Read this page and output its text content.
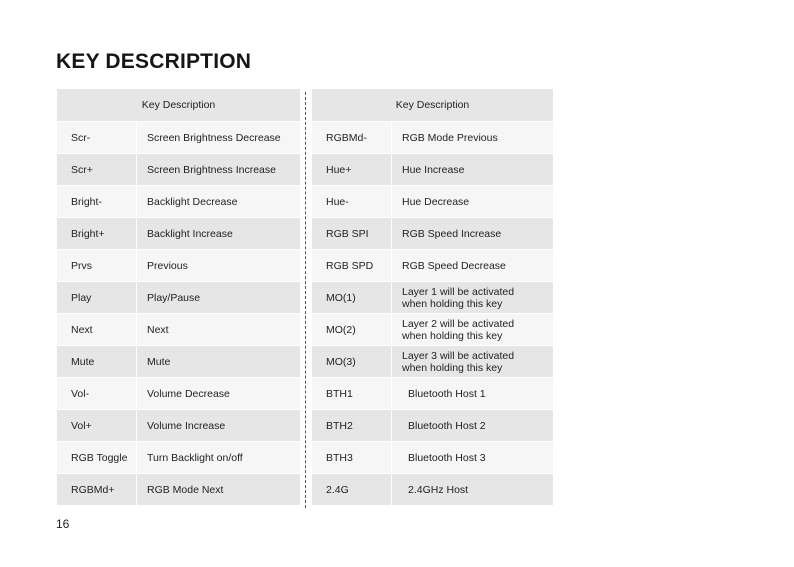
KEY DESCRIPTION
Key Description	
Scr-	Screen Brightness Decrease
Scr+	Screen Brightness Increase
Bright-	Backlight Decrease
Bright+	Backlight Increase
Prvs	Previous
Play	Play/Pause
Next	Next
Mute	Mute
Vol-	Volume Decrease
Vol+	Volume Increase
RGB Toggle	Turn Backlight on/off
RGBMd+	RGB Mode Next
Key Description	
RGBMd-	RGB Mode Previous
Hue+	Hue Increase
Hue-	Hue Decrease
RGB SPI	RGB Speed Increase
RGB SPD	RGB Speed Decrease
MO(1)	Layer 1 will be activated
when holding this key
MO(2)	Layer 2 will be activated
when holding this key
MO(3)	Layer 3 will be activated
when holding this key
BTH1	Bluetooth Host 1
BTH2	Bluetooth Host 2
BTH3	Bluetooth Host 3
2.4G	2.4GHz Host
16
